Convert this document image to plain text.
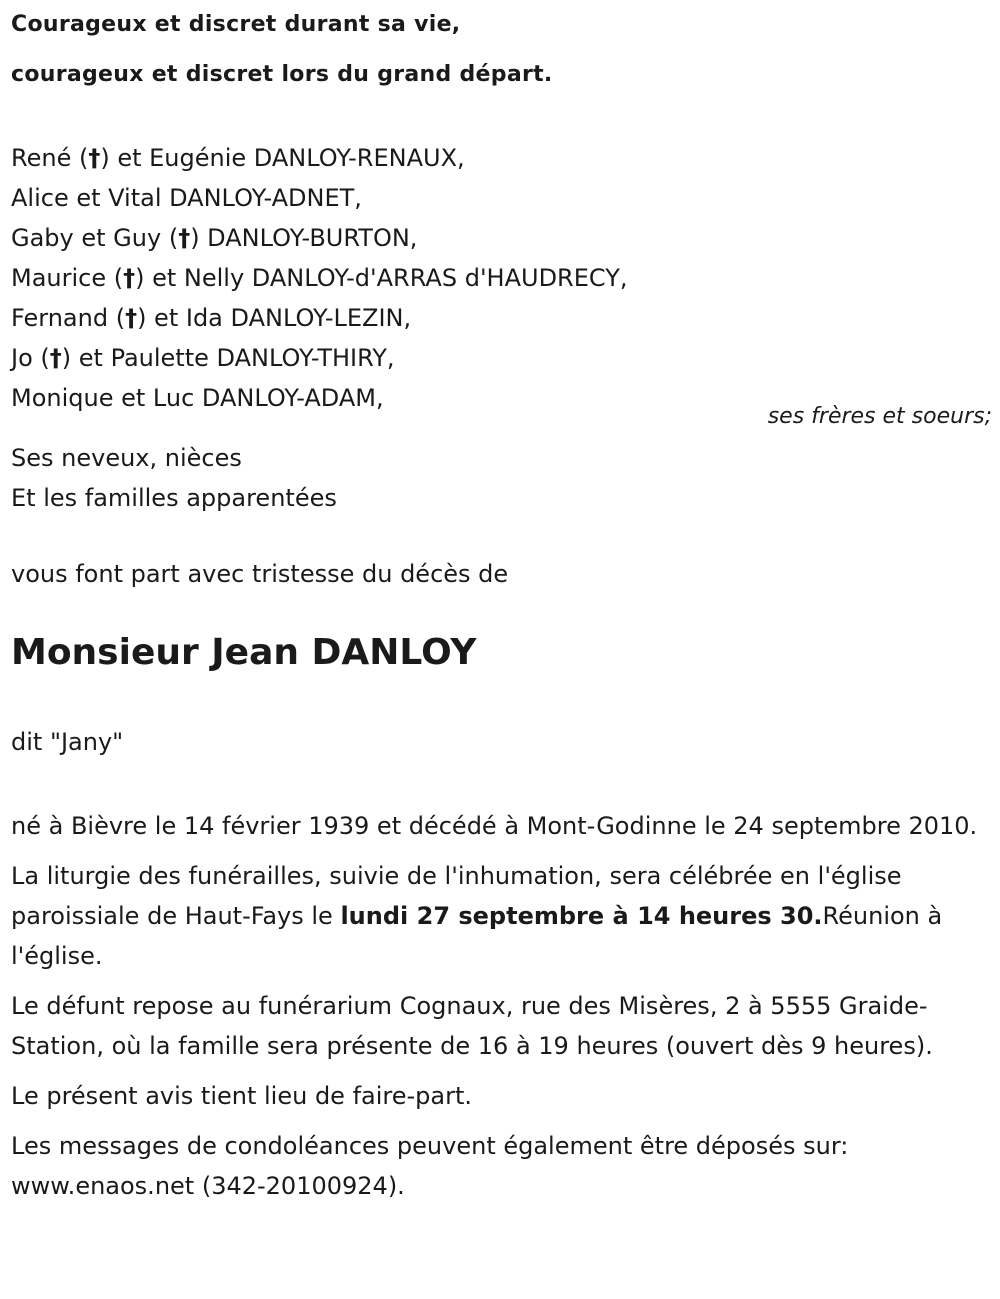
Courageux et discret durant sa vie,

courageux et discret lors du grand départ.

René (†) et Eugénie DANLOY-RENAUX,
Alice et Vital DANLOY-ADNET,
Gaby et Guy (†) DANLOY-BURTON,
Maurice (†) et Nelly DANLOY-d'ARRAS d'HAUDRECY,
Fernand (†) et Ida DANLOY-LEZIN,
Jo (†) et Paulette DANLOY-THIRY,
Monique et Luc DANLOY-ADAM,
ses frères et soeurs;
Ses neveux, nièces
Et les familles apparentées
vous font part avec tristesse du décès de
Monsieur Jean DANLOY
dit "Jany"

né à Bièvre le 14 février 1939 et décédé à Mont-Godinne le 24 septembre 2010.

La liturgie des funérailles, suivie de l'inhumation, sera célébrée en l'église paroissiale de Haut-Fays le lundi 27 septembre à 14 heures 30.Réunion à l'église.

Le défunt repose au funérarium Cognaux, rue des Misères, 2 à 5555 Graide-Station, où la famille sera présente de 16 à 19 heures (ouvert dès 9 heures).

Le présent avis tient lieu de faire-part.

Les messages de condoléances peuvent également être déposés sur: www.enaos.net (342-20100924).
